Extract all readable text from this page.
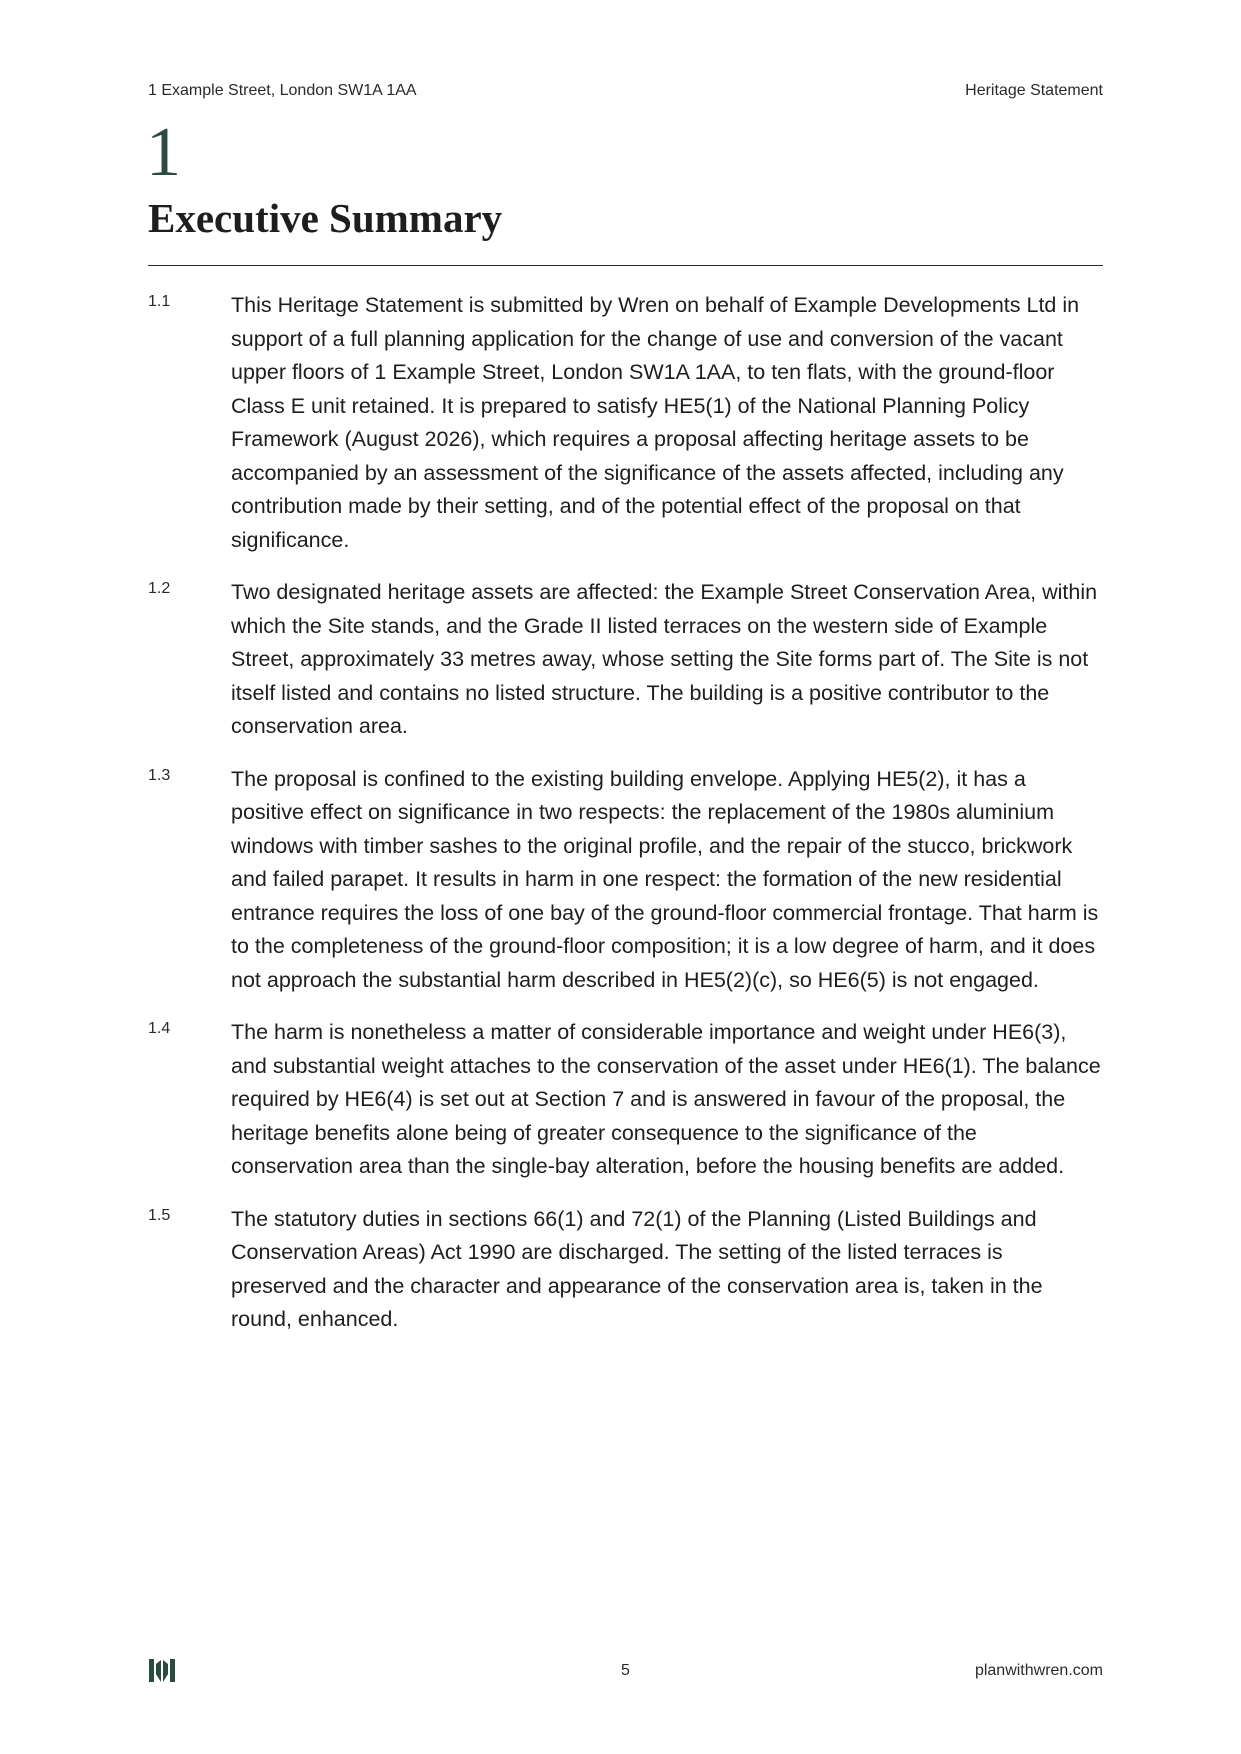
1 Example Street, London SW1A 1AA	Heritage Statement
1
Executive Summary
1.1	This Heritage Statement is submitted by Wren on behalf of Example Developments Ltd in support of a full planning application for the change of use and conversion of the vacant upper floors of 1 Example Street, London SW1A 1AA, to ten flats, with the ground-floor Class E unit retained. It is prepared to satisfy HE5(1) of the National Planning Policy Framework (August 2026), which requires a proposal affecting heritage assets to be accompanied by an assessment of the significance of the assets affected, including any contribution made by their setting, and of the potential effect of the proposal on that significance.
1.2	Two designated heritage assets are affected: the Example Street Conservation Area, within which the Site stands, and the Grade II listed terraces on the western side of Example Street, approximately 33 metres away, whose setting the Site forms part of. The Site is not itself listed and contains no listed structure. The building is a positive contributor to the conservation area.
1.3	The proposal is confined to the existing building envelope. Applying HE5(2), it has a positive effect on significance in two respects: the replacement of the 1980s aluminium windows with timber sashes to the original profile, and the repair of the stucco, brickwork and failed parapet. It results in harm in one respect: the formation of the new residential entrance requires the loss of one bay of the ground-floor commercial frontage. That harm is to the completeness of the ground-floor composition; it is a low degree of harm, and it does not approach the substantial harm described in HE5(2)(c), so HE6(5) is not engaged.
1.4	The harm is nonetheless a matter of considerable importance and weight under HE6(3), and substantial weight attaches to the conservation of the asset under HE6(1). The balance required by HE6(4) is set out at Section 7 and is answered in favour of the proposal, the heritage benefits alone being of greater consequence to the significance of the conservation area than the single-bay alteration, before the housing benefits are added.
1.5	The statutory duties in sections 66(1) and 72(1) of the Planning (Listed Buildings and Conservation Areas) Act 1990 are discharged. The setting of the listed terraces is preserved and the character and appearance of the conservation area is, taken in the round, enhanced.
5	planwithwren.com
